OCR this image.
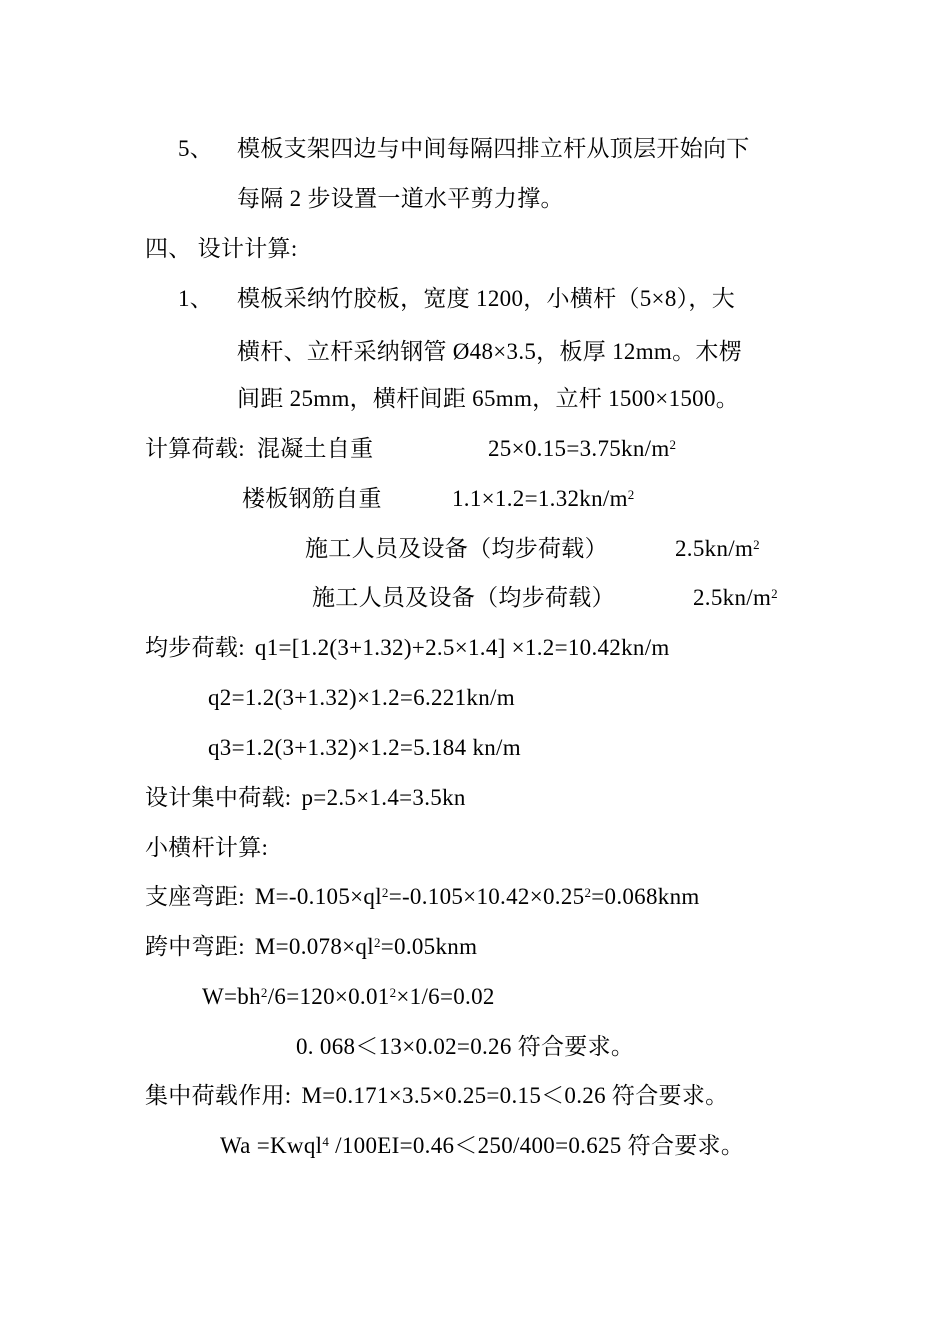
5、 模板支架四边与中间每隔四排立杆从顶层开始向下
每隔 2 步设置一道水平剪力撑。
四、 设计计算:
1、 模板采纳竹胶板，宽度 1200，小横杆（5×8），大
横杆、立杆采纳钢管 Ø48×3.5，板厚 12mm。木楞
间距 25mm，横杆间距 65mm，立杆 1500×1500。
计算荷载: 混凝土自重	$25\times 0.15=3.75kn/m^2$
楼板钢筋自重	$1.1\times 1.2=1.32kn/m^2$
施工人员及设备（均步荷载）	$2.5kn/m^2$
施工人员及设备（均步荷载）	$2.5kn/m^2$
均步荷载: q1=[1.2(3+1.32)+2.5×1.4] ×1.2=10.42kn/m
q2=1.2(3+1.32)×1.2=6.221kn/m
q3=1.2(3+1.32)×1.2=5.184 kn/m
设计集中荷载: p=2.5×1.4=3.5kn
小横杆计算:
支座弯距: $M=-0.105\times ql^2=-0.105\times 10.42\times 0.25^2=0.068knm$
跨中弯距: $M=0.078\times ql^2=0.05knm$
$W=bh^2/6=120\times 0.01^2\times 1/6=0.02$
0. 068＜13×0.02=0.26 符合要求。
集中荷载作用: M=0.171×3.5×0.25=0.15＜0.26 符合要求。
Wa =Kwql$^4$ /100EI=0.46＜250/400=0.625 符合要求。
